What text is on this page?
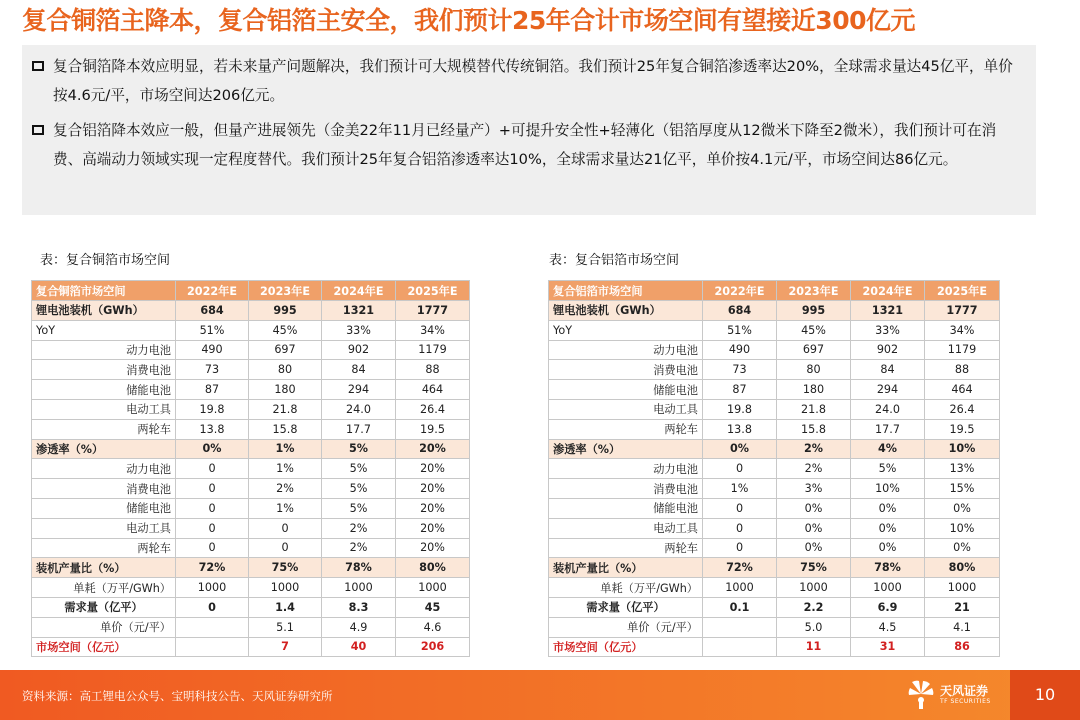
复合铜箔主降本，复合铝箔主安全，我们预计25年合计市场空间有望接近300亿元
复合铜箔降本效应明显，若未来量产问题解决，我们预计可大规模替代传统铜箔。我们预计25年复合铜箔渗透率达20%，全球需求量达45亿平，单价按4.6元/平，市场空间达206亿元。
复合铝箔降本效应一般，但量产进展领先（金美22年11月已经量产）+可提升安全性+轻薄化（铝箔厚度从12微米下降至2微米），我们预计可在消费、高端动力领域实现一定程度替代。我们预计25年复合铝箔渗透率达10%，全球需求量达21亿平，单价按4.1元/平，市场空间达86亿元。
表：复合铜箔市场空间	表：复合铝箔市场空间
复合铜箔市场空间	2022年E	2023年E	2024年E	2025年E
锂电池装机（GWh）	684	995	1321	1777
YoY	51%	45%	33%	34%
动力电池	490	697	902	1179
消费电池	73	80	84	88
储能电池	87	180	294	464
电动工具	19.8	21.8	24.0	26.4
两轮车	13.8	15.8	17.7	19.5
渗透率（%）	0%	1%	5%	20%
动力电池	0	1%	5%	20%
消费电池	0	2%	5%	20%
储能电池	0	1%	5%	20%
电动工具	0	0	2%	20%
两轮车	0	0	2%	20%
装机产量比（%）	72%	75%	78%	80%
单耗（万平/GWh）	1000	1000	1000	1000
需求量（亿平）	0	1.4	8.3	45
单价（元/平）		5.1	4.9	4.6
市场空间（亿元）		7	40	206
复合铝箔市场空间	2022年E	2023年E	2024年E	2025年E
锂电池装机（GWh）	684	995	1321	1777
YoY	51%	45%	33%	34%
动力电池	490	697	902	1179
消费电池	73	80	84	88
储能电池	87	180	294	464
电动工具	19.8	21.8	24.0	26.4
两轮车	13.8	15.8	17.7	19.5
渗透率（%）	0%	2%	4%	10%
动力电池	0	2%	5%	13%
消费电池	1%	3%	10%	15%
储能电池	0	0%	0%	0%
电动工具	0	0%	0%	10%
两轮车	0	0%	0%	0%
装机产量比（%）	72%	75%	78%	80%
单耗（万平/GWh）	1000	1000	1000	1000
需求量（亿平）	0.1	2.2	6.9	21
单价（元/平）		5.0	4.5	4.1
市场空间（亿元）		11	31	86
资料来源：高工锂电公众号、宝明科技公告、天风证券研究所	天风证券
TF SECURITIES	10
